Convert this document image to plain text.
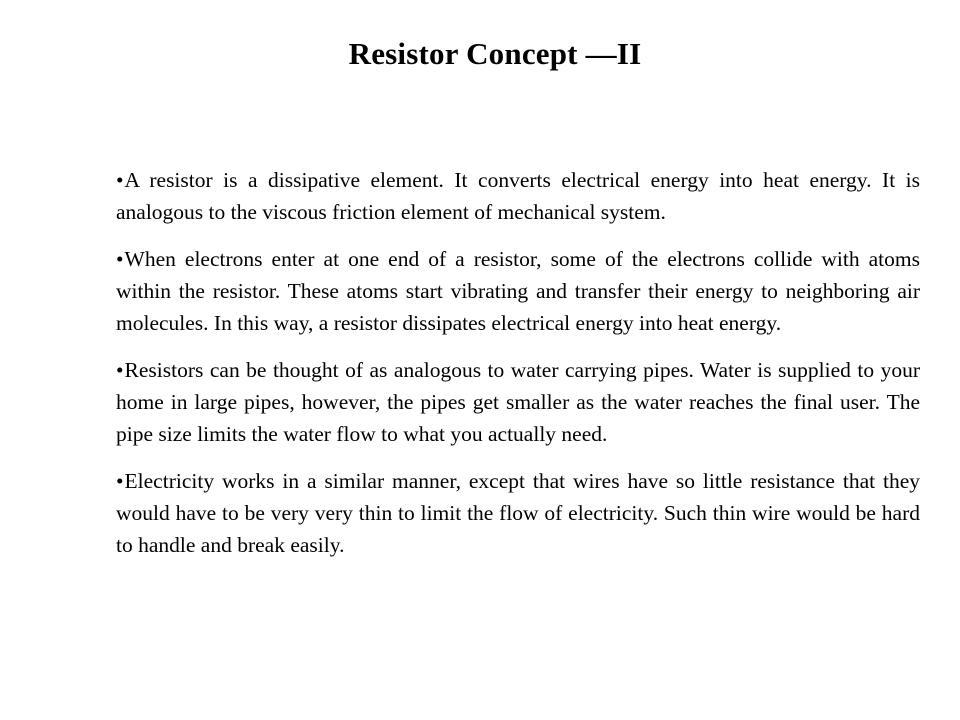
Resistor Concept —II

•A resistor is a dissipative element. It converts electrical energy into heat energy. It is analogous to the viscous friction element of mechanical system.

•When electrons enter at one end of a resistor, some of the electrons collide with atoms within the resistor. These atoms start vibrating and transfer their energy to neighboring air molecules. In this way, a resistor dissipates electrical energy into heat energy.

•Resistors can be thought of as analogous to water carrying pipes. Water is supplied to your home in large pipes, however, the pipes get smaller as the water reaches the final user. The pipe size limits the water flow to what you actually need.

•Electricity works in a similar manner, except that wires have so little resistance that they would have to be very very thin to limit the flow of electricity. Such thin wire would be hard to handle and break easily.
